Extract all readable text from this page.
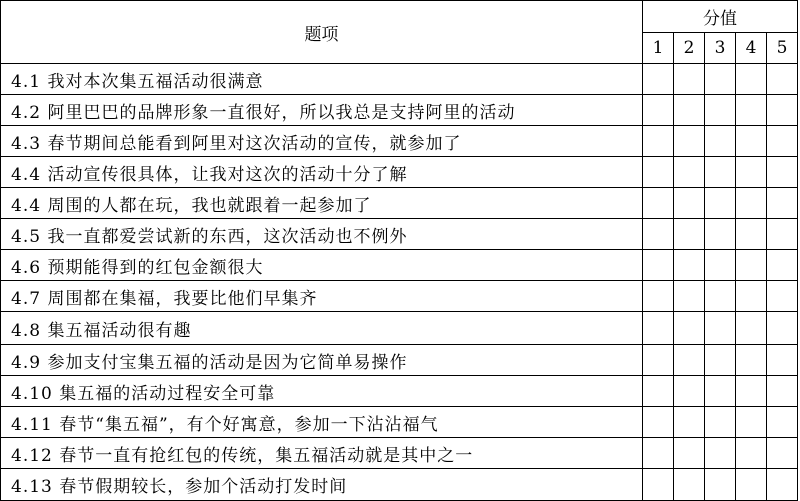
题项	分值				
	1	2	3	4	5
4.1 我对本次集五福活动很满意					
4.2 阿里巴巴的品牌形象一直很好，所以我总是支持阿里的活动					
4.3 春节期间总能看到阿里对这次活动的宣传，就参加了					
4.4 活动宣传很具体，让我对这次的活动十分了解					
4.4 周围的人都在玩，我也就跟着一起参加了					
4.5 我一直都爱尝试新的东西，这次活动也不例外					
4.6 预期能得到的红包金额很大					
4.7 周围都在集福，我要比他们早集齐					
4.8 集五福活动很有趣					
4.9 参加支付宝集五福的活动是因为它简单易操作					
4.10 集五福的活动过程安全可靠					
4.11 春节“集五福”，有个好寓意，参加一下沾沾福气					
4.12 春节一直有抢红包的传统，集五福活动就是其中之一					
4.13 春节假期较长，参加个活动打发时间					
